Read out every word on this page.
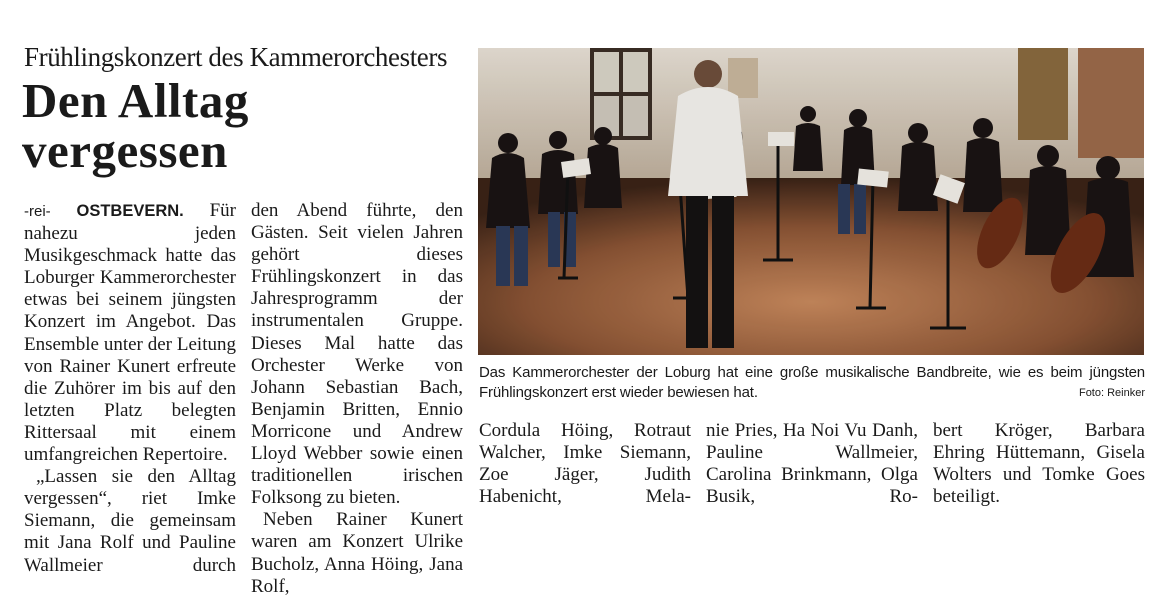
Frühlingskonzert des Kammerorchesters
Den Alltag
vergessen

-rei- OSTBEVERN. Für nahezu jeden Musikgeschmack hatte das Loburger Kammerorchester etwas bei seinem jüngsten Konzert im Angebot. Das Ensemble unter der Leitung von Rainer Kunert erfreute die Zuhörer im bis auf den letzten Platz belegten Rittersaal mit einem umfangreichen Repertoire.

„Lassen sie den Alltag vergessen“, riet Imke Siemann, die gemeinsam mit Jana Rolf und Pauline Wallmeier durch

den Abend führte, den Gästen. Seit vielen Jahren gehört dieses Frühlingskonzert in das Jahresprogramm der instrumentalen Gruppe. Dieses Mal hatte das Orchester Werke von Johann Sebastian Bach, Benjamin Britten, Ennio Morricone und Andrew Lloyd Webber sowie einen traditionellen irischen Folksong zu bieten.

Neben Rainer Kunert waren am Konzert Ulrike Bucholz, Anna Höing, Jana Rolf,

Das Kammerorchester der Loburg hat eine große musikalische Bandbreite, wie es beim jüngsten Frühlingskonzert erst wieder bewiesen hat.	Foto: Reinker

Cordula Höing, Rotraut Walcher, Imke Siemann, Zoe Jäger, Judith Habenicht, Mela-

nie Pries, Ha Noi Vu Danh, Pauline Wallmeier, Carolina Brinkmann, Olga Busik, Ro-

bert Kröger, Barbara Ehring Hüttemann, Gisela Wolters und Tomke Goes beteiligt.
